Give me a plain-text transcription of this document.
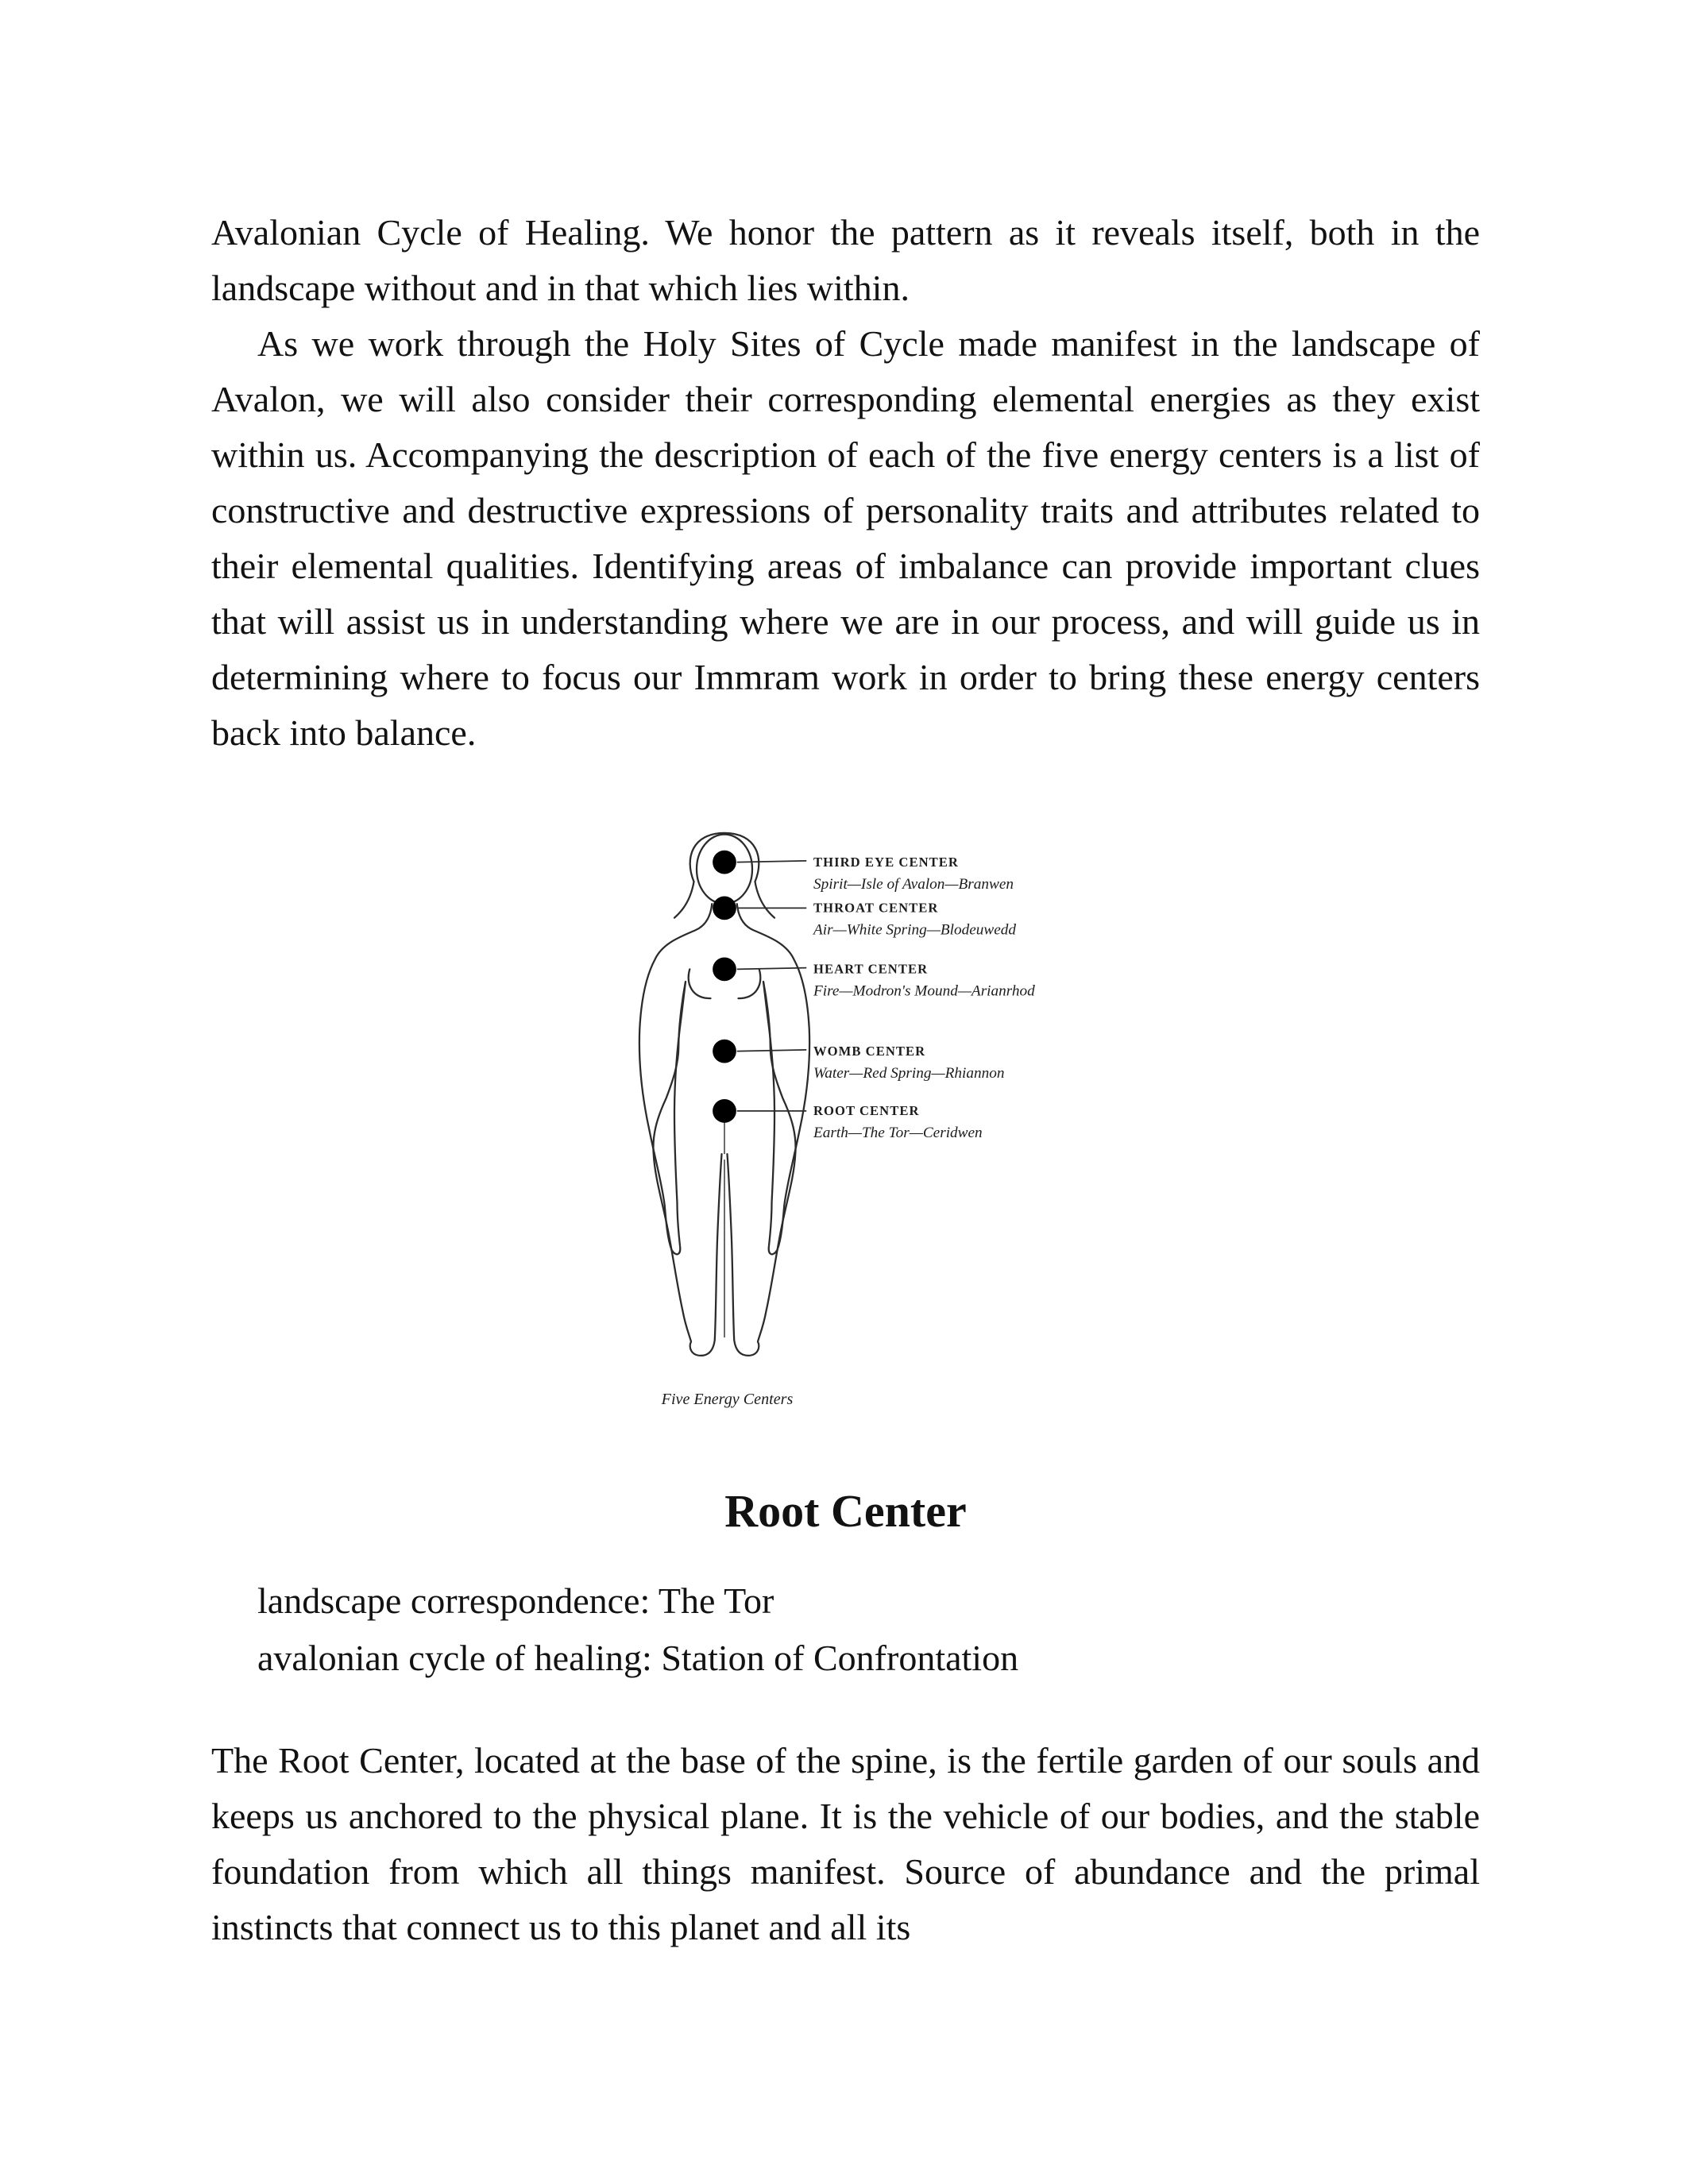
Avalonian Cycle of Healing. We honor the pattern as it reveals itself, both in the landscape without and in that which lies within.

As we work through the Holy Sites of Cycle made manifest in the landscape of Avalon, we will also consider their corresponding elemental energies as they exist within us. Accompanying the description of each of the five energy centers is a list of constructive and destructive expressions of personality traits and attributes related to their elemental qualities. Identifying areas of imbalance can provide important clues that will assist us in understanding where we are in our process, and will guide us in determining where to focus our Immram work in order to bring these energy centers back into balance.

THIRD EYE CENTER
Spirit—Isle of Avalon—Branwen
THROAT CENTER
Air—White Spring—Blodeuwedd
HEART CENTER
Fire—Modron's Mound—Arianrhod
WOMB CENTER
Water—Red Spring—Rhiannon
ROOT CENTER
Earth—The Tor—Ceridwen
Five Energy Centers
Root Center

landscape correspondence: The Tor

avalonian cycle of healing: Station of Confrontation

The Root Center, located at the base of the spine, is the fertile garden of our souls and keeps us anchored to the physical plane. It is the vehicle of our bodies, and the stable foundation from which all things manifest. Source of abundance and the primal instincts that connect us to this planet and all its
